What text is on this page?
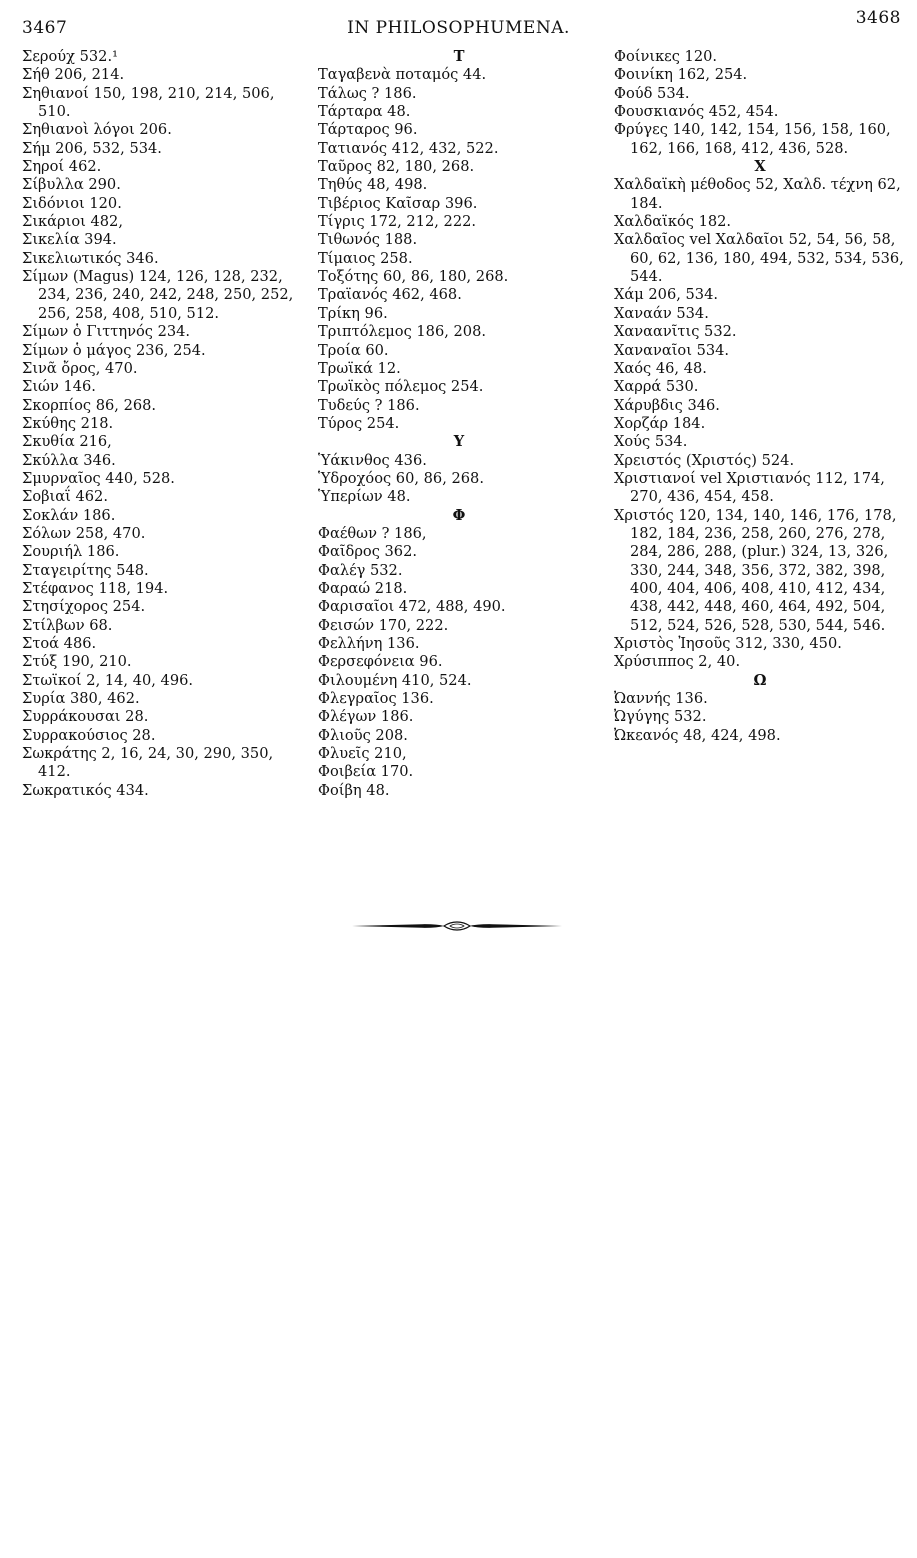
IN PHILOSOPHUMENA.
3467	3468
Σερούχ 532.¹
Σήθ 206, 214.
Σηθιανοί 150, 198, 210, 214, 506, 510.
Σηθιανοὶ λόγοι 206.
Σήμ 206, 532, 534.
Σηροί 462.
Σίβυλλα 290.
Σιδόνιοι 120.
Σικάριοι 482,
Σικελία 394.
Σικελιωτικός 346.
Σίμων (Magus) 124, 126, 128, 232, 234, 236, 240, 242, 248, 250, 252, 256, 258, 408, 510, 512.
Σίμων ὁ Γιττηνός 234.
Σίμων ὁ μάγος 236, 254.
Σινᾶ ὄρος, 470.
Σιών 146.
Σκορπίος 86, 268.
Σκύθης 218.
Σκυθία 216,
Σκύλλα 346.
Σμυρναῖος 440, 528.
Σοβιαΐ 462.
Σοκλάν 186.
Σόλων 258, 470.
Σουριήλ 186.
Σταγειρίτης 548.
Στέφανος 118, 194.
Στησίχορος 254.
Στίλβων 68.
Στοά 486.
Στύξ 190, 210.
Στωϊκοί 2, 14, 40, 496.
Συρία 380, 462.
Συρράκουσαι 28.
Συρρακούσιος 28.
Σωκράτης 2, 16, 24, 30, 290, 350, 412.
Σωκρατικός 434.
T
Ταγαβενὰ ποταμός 44.
Τάλως ? 186.
Τάρταρα 48.
Τάρταρος 96.
Τατιανός 412, 432, 522.
Ταῦρος 82, 180, 268.
Τηθύς 48, 498.
Τιβέριος Καῖσαρ 396.
Τίγρις 172, 212, 222.
Τιθωνός 188.
Τίμαιος 258.
Τοξότης 60, 86, 180, 268.
Τραϊανός 462, 468.
Τρίκη 96.
Τριπτόλεμος 186, 208.
Τροία 60.
Τρωϊκά 12.
Τρωϊκὸς πόλεμος 254.
Τυδεύς ? 186.
Τύρος 254.
Υ
Ὑάκινθος 436.
Ὑδροχόος 60, 86, 268.
Ὑπερίων 48.
Φ
Φαέθων ? 186,
Φαῖδρος 362.
Φαλέγ 532.
Φαραώ 218.
Φαρισαῖοι 472, 488, 490.
Φεισών 170, 222.
Φελλήνη 136.
Φερσεφόνεια 96.
Φιλουμένη 410, 524.
Φλεγραῖος 136.
Φλέγων 186.
Φλιοῦς 208.
Φλυεῖς 210,
Φοιβεία 170.
Φοίβη 48.
Φοίνικες 120.
Φοινίκη 162, 254.
Φούδ 534.
Φουσκιανός 452, 454.
Φρύγες 140, 142, 154, 156, 158, 160, 162, 166, 168, 412, 436, 528.
X
Χαλδαϊκὴ μέθοδος 52, Χαλδ. τέχνη 62, 184.
Χαλδαϊκός 182.
Χαλδαῖος vel Χαλδαῖοι 52, 54, 56, 58, 60, 62, 136, 180, 494, 532, 534, 536, 544.
Χάμ 206, 534.
Χαναάν 534.
Χαναανῖτις 532.
Χαναναῖοι 534.
Χαός 46, 48.
Χαρρά 530.
Χάρυβδις 346.
Χορζάρ 184.
Χούς 534.
Χρειστός (Χριστός) 524.
Χριστιανοί vel Χριστιανός 112, 174, 270, 436, 454, 458.
Χριστός 120, 134, 140, 146, 176, 178, 182, 184, 236, 258, 260, 276, 278, 284, 286, 288, (plur.) 324, 13, 326, 330, 244, 348, 356, 372, 382, 398, 400, 404, 406, 408, 410, 412, 434, 438, 442, 448, 460, 464, 492, 504, 512, 524, 526, 528, 530, 544, 546.
Χριστὸς Ἰησοῦς 312, 330, 450.
Χρύσιππος 2, 40.
Ω
Ὠαννής 136.
Ὠγύγης 532.
Ὠκεανός 48, 424, 498.
